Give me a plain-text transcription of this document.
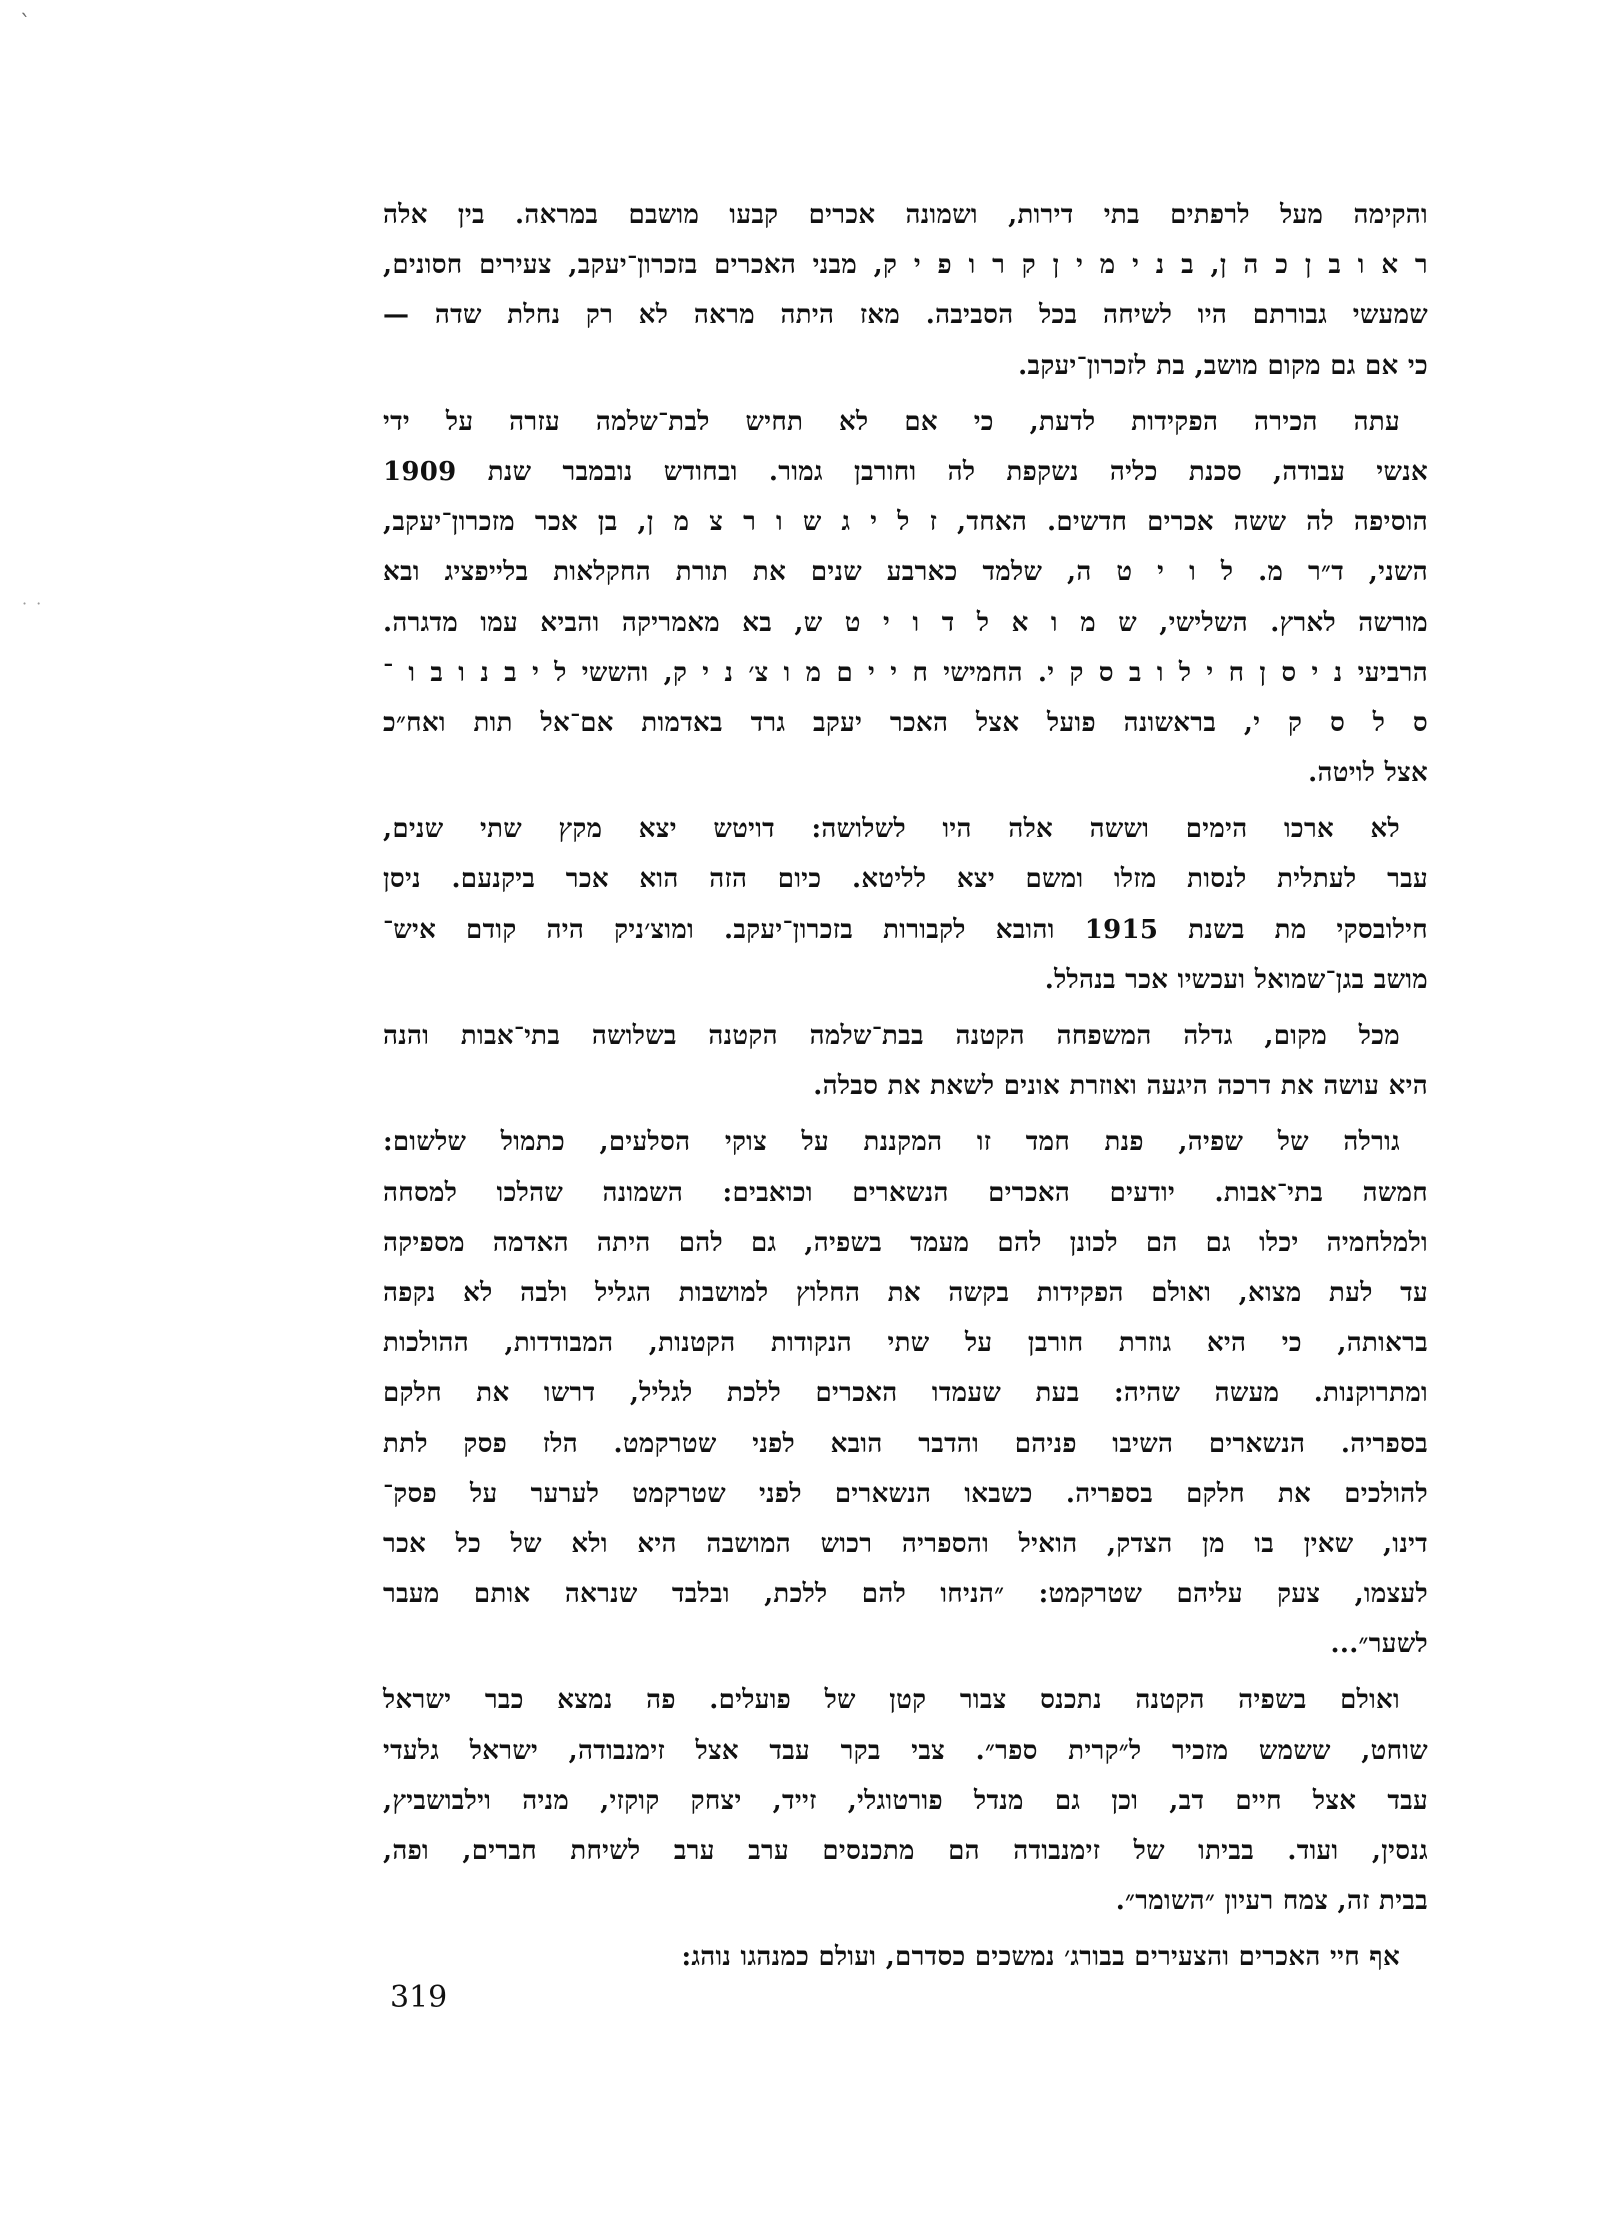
ˋ
· ·
והקימה מעל לרפתים בתי דירות, ושמונה אכרים קבעו מושבם במראה. בין אלה
ר א ו ב ן כ ה ן, ב נ י מ י ן ק ר ו פ י ק, מבני האכרים בזכרון־יעקב, צעירים חסונים,
שמעשי גבורתם היו לשיחה בכל הסביבה. מאז היתה מראה לא רק נחלת שדה —
כי אם גם מקום מושב, בת לזכרון־יעקב.
עתה הכירה הפקידות לדעת, כי אם לא תחיש לבת־שלמה עזרה על ידי
אנשי עבודה, סכנת כליה נשקפת לה וחורבן גמור. ובחודש נובמבר שנת 1909
הוסיפה לה ששה אכרים חדשים. האחד, ז ל י ג ש ו ר צ מ ן, בן אכר מזכרון־יעקב,
השני, ד״ר מ. ל ו י ט ה, שלמד כארבע שנים את תורת החקלאות בלייפציג ובא
מורשה לארץ. השלישי, ש מ ו א ל ד ו י ט ש, בא מאמריקה והביא עמו מדגרה.
הרביעי נ י ס ן ח י ל ו ב ס ק י. החמישי ח י י ם מ ו צ׳ נ י ק, והששי ל י ב נ ו ב ו ־
ס ל ס ק י, בראשונה פועל אצל האכר יעקב גרד באדמות אם־אל תות ואח״כ
אצל לויטה.
לא ארכו הימים וששה אלה היו לשלושה: דויטש יצא מקץ שתי שנים,
עבר לעתלית לנסות מזלו ומשם יצא לליטא. כיום הזה הוא אכר ביקנעם. ניסן
חילובסקי מת בשנת 1915 והובא לקבורות בזכרון־יעקב. ומוצ׳ניק היה קודם איש־
מושב בגן־שמואל ועכשיו אכר בנהלל.
מכל מקום, גדלה המשפחה הקטנה בבת־שלמה הקטנה בשלושה בתי־אבות והנה
היא עושה את דרכה היגעה ואוזרת אונים לשאת את סבלה.
גורלה של שפיה, פנת חמד זו המקננת על צוקי הסלעים, כתמול שלשום:
חמשה בתי־אבות. יודעים האכרים הנשארים וכואבים: השמונה שהלכו למסחה
ולמלחמיה יכלו גם הם לכונן להם מעמד בשפיה, גם להם היתה האדמה מספיקה
עד לעת מצוא, ואולם הפקידות בקשה את החלוץ למושבות הגליל ולבה לא נקפה
בראותה, כי היא גוזרת חורבן על שתי הנקודות הקטנות, המבודדות, ההולכות
ומתרוקנות. מעשה שהיה: בעת שעמדו האכרים ללכת לגליל, דרשו את חלקם
בספריה. הנשארים השיבו פניהם והדבר הובא לפני שטרקמט. הלז פסק לתת
להולכים את חלקם בספריה. כשבאו הנשארים לפני שטרקמט לערער על פסק־
דינו, שאין בו מן הצדק, הואיל והספריה רכוש המושבה היא ולא של כל אכר
לעצמו, צעק עליהם שטרקמט: ״הניחו להם ללכת, ובלבד שנראה אותם מעבר
לשער״...
ואולם בשפיה הקטנה נתכנס צבור קטן של פועלים. פה נמצא כבר ישראל
שוחט, ששמש מזכיר ל״קרית ספר״. צבי בקר עבד אצל זימנבודה, ישראל גלעדי
עבד אצל חיים דב, וכן גם מנדל פורטוגלי, זייד, יצחק קוקזי, מניה וילבושביץ,
גנסין, ועוד. בביתו של זימנבודה הם מתכנסים ערב ערב לשיחת חברים, ופה,
בבית זה, צמח רעיון ״השומר״.
אף חיי האכרים והצעירים בבורג׳ נמשכים כסדרם, ועולם כמנהגו נוהג:
319
